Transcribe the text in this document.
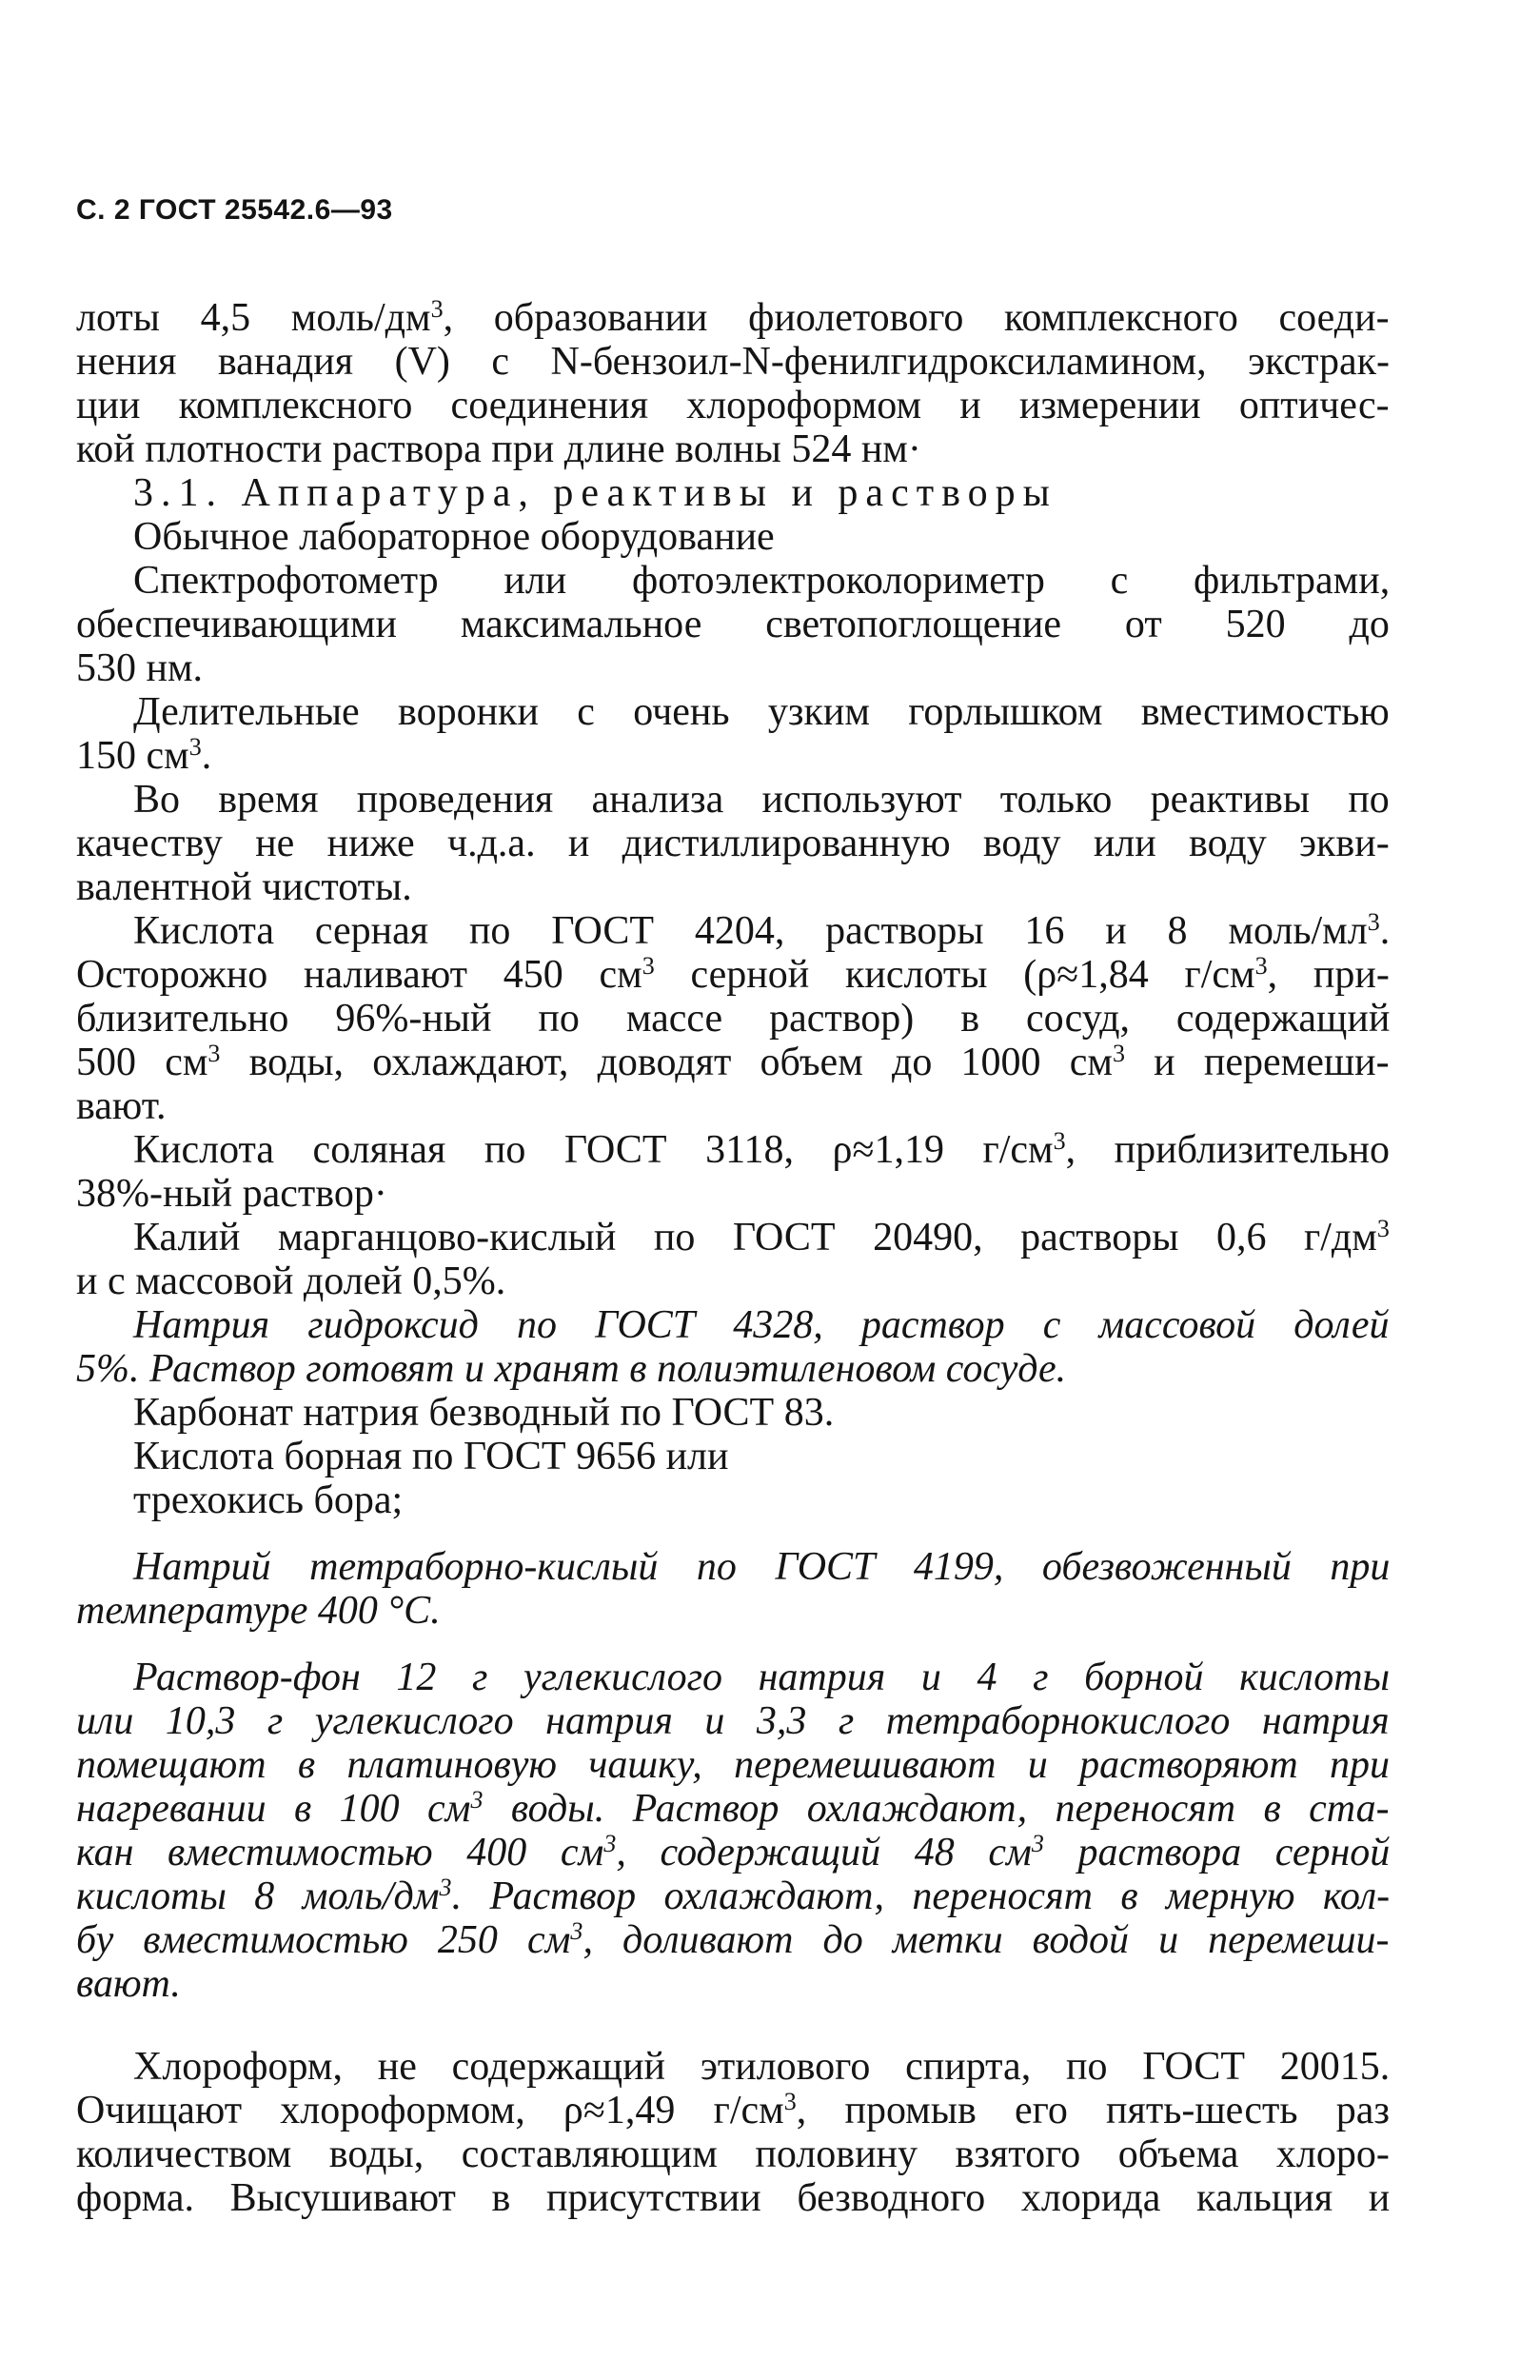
С. 2 ГОСТ 25542.6—93
лоты 4,5 моль/$дм^3$, образовании фиолетового комплексного соеди-
нения ванадия (V) с N-бензоил-N-фенилгидроксиламином, экстрак-
ции комплексного соединения хлороформом и измерении оптичес-
кой плотности раствора при длине волны 524 нм·
3.1. Аппаратура, реактивы и растворы
Обычное лабораторное оборудование
Спектрофотометр или фотоэлектроколориметр с фильтрами,
обеспечивающими максимальное светопоглощение от 520 до
530 нм.
Делительные воронки с очень узким горлышком вместимостью
150 $см^3$.
Во время проведения анализа используют только реактивы по
качеству не ниже ч.д.а. и дистиллированную воду или воду экви-
валентной чистоты.
Кислота серная по ГОСТ 4204, растворы 16 и 8 моль/$мл^3$.
Осторожно наливают 450 $см^3$ серной кислоты (ρ≈1,84 $г/см^3$, при-
близительно 96%-ный по массе раствор) в сосуд, содержащий
500 $см^3$ воды, охлаждают, доводят объем до 1000 $см^3$ и перемеши-
вают.
Кислота соляная по ГОСТ 3118, ρ≈1,19 $г/см^3$, приблизительно
38%-ный раствор·
Калий марганцово-кислый по ГОСТ 20490, растворы 0,6 $г/дм^3$
и с массовой долей 0,5%.
Натрия гидроксид по ГОСТ 4328, раствор с массовой долей
5%. Раствор готовят и хранят в полиэтиленовом сосуде.
Карбонат натрия безводный по ГОСТ 83.
Кислота борная по ГОСТ 9656 или
трехокись бора;
Натрий тетраборно-кислый по ГОСТ 4199, обезвоженный при
температуре 400 °С.
Раствор-фон 12 г углекислого натрия и 4 г борной кислоты
или 10,3 г углекислого натрия и 3,3 г тетраборнокислого натрия
помещают в платиновую чашку, перемешивают и растворяют при
нагревании в 100 $см^3$ воды. Раствор охлаждают, переносят в ста-
кан вместимостью 400 $см^3$, содержащий 48 $см^3$ раствора серной
кислоты 8 моль/$дм^3$. Раствор охлаждают, переносят в мерную кол-
бу вместимостью 250 $см^3$, доливают до метки водой и перемеши-
вают.
Хлороформ, не содержащий этилового спирта, по ГОСТ 20015.
Очищают хлороформом, ρ≈1,49 $г/см^3$, промыв его пять-шесть раз
количеством воды, составляющим половину взятого объема хлоро-
форма. Высушивают в присутствии безводного хлорида кальция и
